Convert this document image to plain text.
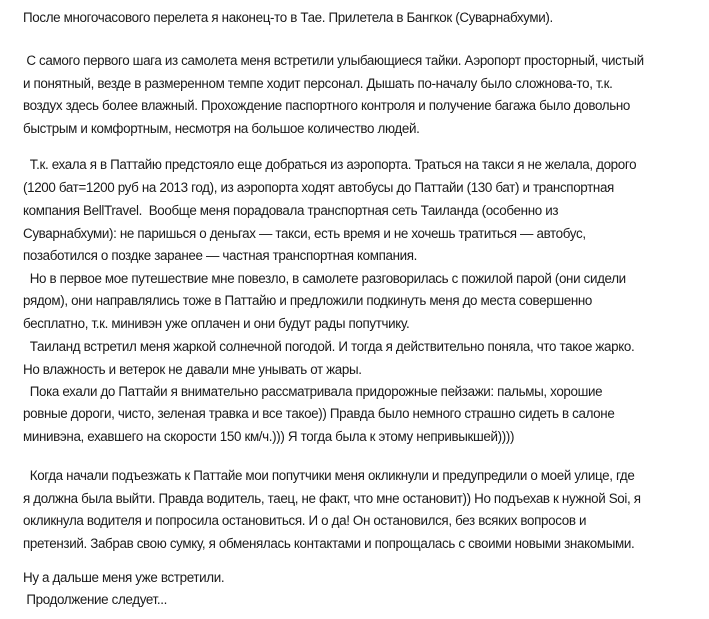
После многочасового перелета я наконец-то в Тае. Прилетела в Бангкок (Суварнабхуми).
С самого первого шага из самолета меня встретили улыбающиеся тайки. Аэропорт просторный, чистый
и понятный, везде в размеренном темпе ходит персонал. Дышать по-началу было сложнова-то, т.к.
воздух здесь более влажный. Прохождение паспортного контроля и получение багажа было довольно
быстрым и комфортным, несмотря на большое количество людей.
Т.к. ехала я в Паттайю предстояло еще добраться из аэропорта. Траться на такси я не желала, дорого
(1200 бат=1200 руб на 2013 год), из аэропорта ходят автобусы до Паттайи (130 бат) и транспортная
компания BellTravel.  Вообще меня порадовала транспортная сеть Таиланда (особенно из
Суварнабхуми): не паришься о деньгах — такси, есть время и не хочешь тратиться — автобус,
позаботился о поздке заранее — частная транспортная компания.
Но в первое мое путешествие мне повезло, в самолете разговорилась с пожилой парой (они сидели
рядом), они направлялись тоже в Паттайю и предложили подкинуть меня до места совершенно
бесплатно, т.к. минивэн уже оплачен и они будут рады попутчику.
Таиланд встретил меня жаркой солнечной погодой. И тогда я действительно поняла, что такое жарко.
Но влажность и ветерок не давали мне унывать от жары.
Пока ехали до Паттайи я внимательно рассматривала придорожные пейзажи: пальмы, хорошие
ровные дороги, чисто, зеленая травка и все такое)) Правда было немного страшно сидеть в салоне
минивэна, ехавшего на скорости 150 км/ч.))) Я тогда была к этому непривыкшей))))
Когда начали подъезжать к Паттайе мои попутчики меня окликнули и предупредили о моей улице, где
я должна была выйти. Правда водитель, таец, не факт, что мне остановит)) Но подъехав к нужной Soi, я
окликнула водителя и попросила остановиться. И о да! Он остановился, без всяких вопросов и
претензий. Забрав свою сумку, я обменялась контактами и попрощалась с своими новыми знакомыми.
Ну а дальше меня уже встретили.
Продолжение следует...
